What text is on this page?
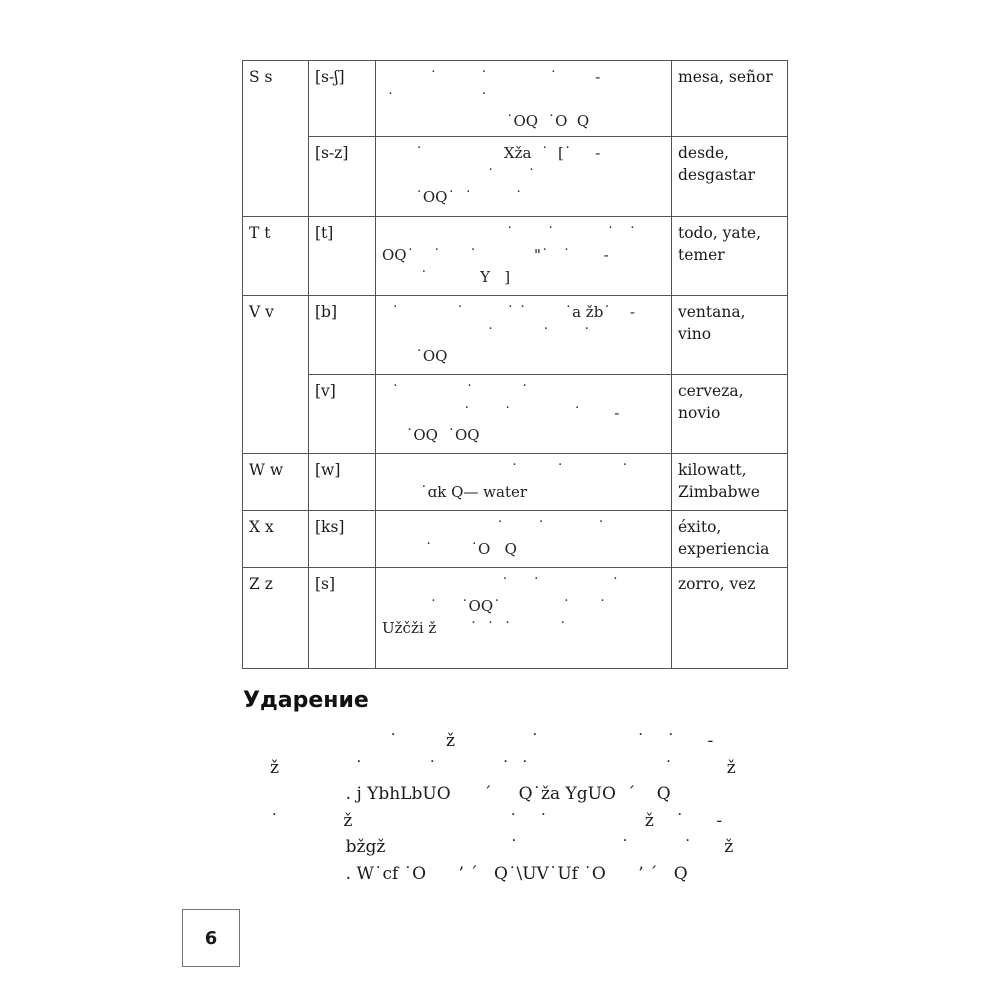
S s	[s-ʃ]	˙         ˙             ˙        -
˙                  ˙
˙OQ  ˙O  Q	mesa, señor
	[s-z]	˙                 Xža  ˙  [˙     -
˙       ˙
˙OQ˙  ˙         ˙	desde, desgastar
T t	[t]	˙       ˙           ˙   ˙
OQ˙    ˙      ˙            "˙   ˙       -
˙           Y   ]	todo, yate, temer
V v	[b]	˙            ˙         ˙ ˙        ˙a žb˙    -
˙          ˙       ˙
˙OQ	ventana, vino
	[v]	˙              ˙          ˙
˙       ˙             ˙       -
˙OQ  ˙OQ	cerveza, novio
W w	[w]	˙        ˙            ˙
˙ɑk Q— water	kilowatt, Zimbabwe
X x	[ks]	˙       ˙           ˙
˙        ˙O   Q	éxito, experiencia
Z z	[s]	˙     ˙               ˙
˙     ˙OQ˙             ˙      ˙
Užčži ž       ˙  ˙  ˙          ˙	zorro, vez
Ударение
˙         ž              ˙                  ˙    ˙      -
ž              ˙            ˙            ˙  ˙                         ˙          ž
. j YbhLbUO      ´     Q˙ža YgUO  ´    Q
˙            ž                             ˙    ˙                  ž    ˙      -
bžgž                       ˙                   ˙          ˙      ž
. W˙cf ˙O      ’ ´   Q˙\UV˙Uf ˙O      ’ ´   Q
6
